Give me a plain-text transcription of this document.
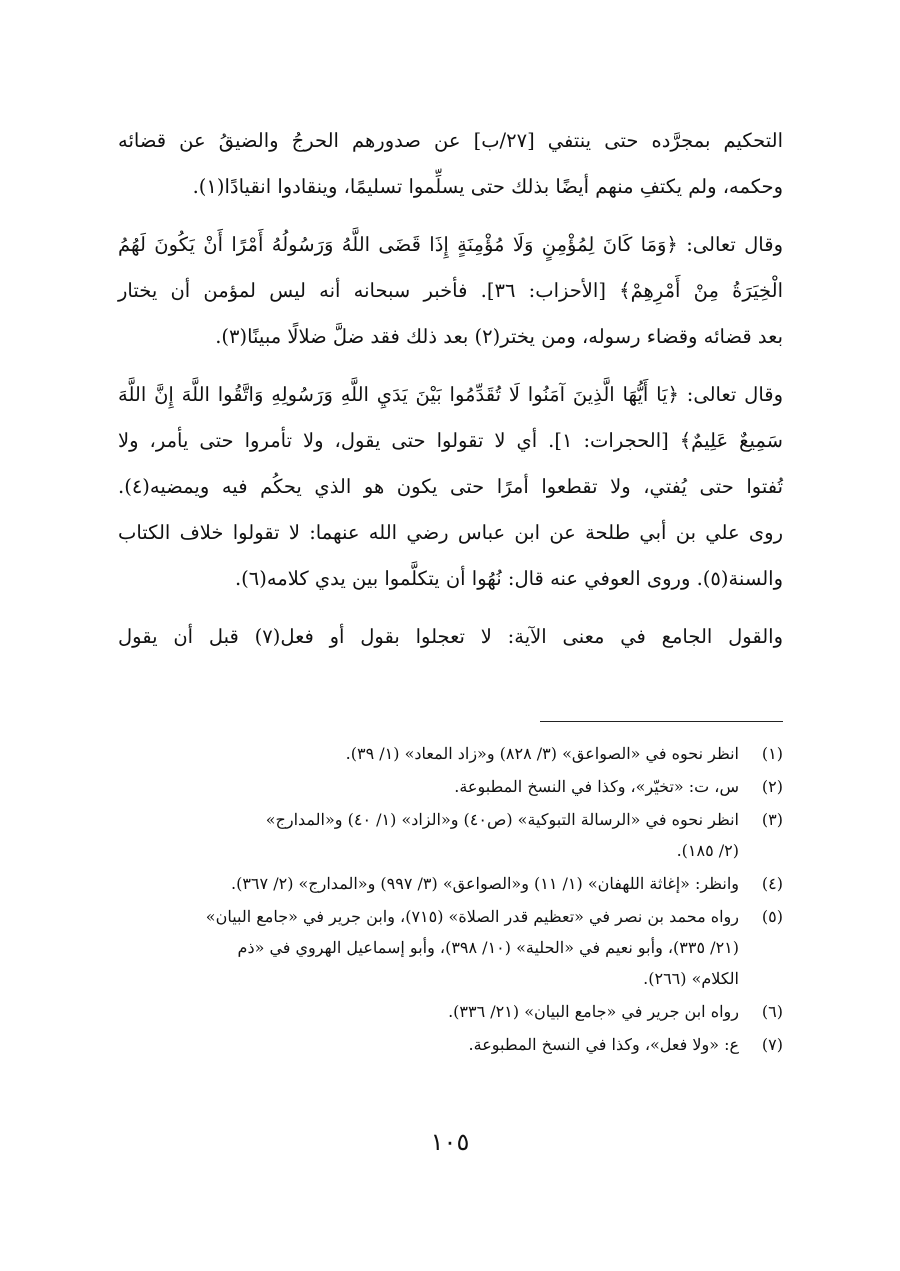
التحكيم بمجرَّده حتى ينتفي [٢٧/ب] عن صدورهم الحرجُ والضيقُ عن قضائه
وحكمه، ولم يكتفِ منهم أيضًا بذلك حتى يسلِّموا تسليمًا، وينقادوا انقيادًا(١).

وقال تعالى: ﴿وَمَا كَانَ لِمُؤْمِنٍ وَلَا مُؤْمِنَةٍ إِذَا قَضَى اللَّهُ وَرَسُولُهُ أَمْرًا أَنْ يَكُونَ لَهُمُ
الْخِيَرَةُ مِنْ أَمْرِهِمْ﴾ [الأحزاب: ٣٦]. فأخبر سبحانه أنه ليس لمؤمن أن يختار
بعد قضائه وقضاء رسوله، ومن يختر(٢) بعد ذلك فقد ضلَّ ضلالًا مبينًا(٣).

وقال تعالى: ﴿يَا أَيُّهَا الَّذِينَ آمَنُوا لَا تُقَدِّمُوا بَيْنَ يَدَيِ اللَّهِ وَرَسُولِهِ وَاتَّقُوا اللَّهَ إِنَّ اللَّهَ
سَمِيعٌ عَلِيمٌ﴾ [الحجرات: ١]. أي لا تقولوا حتى يقول، ولا تأمروا حتى يأمر، ولا
تُفتوا حتى يُفتي، ولا تقطعوا أمرًا حتى يكون هو الذي يحكُم فيه ويمضيه(٤).
روى علي بن أبي طلحة عن ابن عباس رضي الله عنهما: لا تقولوا خلاف الكتاب
والسنة(٥). وروى العوفي عنه قال: نُهُوا أن يتكلَّموا بين يدي كلامه(٦).

والقول الجامع في معنى الآية: لا تعجلوا بقول أو فعل(٧) قبل أن يقول

(١)
انظر نحوه في «الصواعق» (٣/ ٨٢٨) و«زاد المعاد» (١/ ٣٩).
(٢)
س، ت: «تخيّر»، وكذا في النسخ المطبوعة.
(٣)
انظر نحوه في «الرسالة التبوكية» (ص٤٠) و«الزاد» (١/ ٤٠) و«المدارج»
(٢/ ١٨٥).
(٤)
وانظر: «إغاثة اللهفان» (١/ ١١) و«الصواعق» (٣/ ٩٩٧) و«المدارج» (٢/ ٣٦٧).
(٥)
رواه محمد بن نصر في «تعظيم قدر الصلاة» (٧١٥)، وابن جرير في «جامع البيان»
(٢١/ ٣٣٥)، وأبو نعيم في «الحلية» (١٠/ ٣٩٨)، وأبو إسماعيل الهروي في «ذم
الكلام» (٢٦٦).
(٦)
رواه ابن جرير في «جامع البيان» (٢١/ ٣٣٦).
(٧)
ع: «ولا فعل»، وكذا في النسخ المطبوعة.
١٠٥
